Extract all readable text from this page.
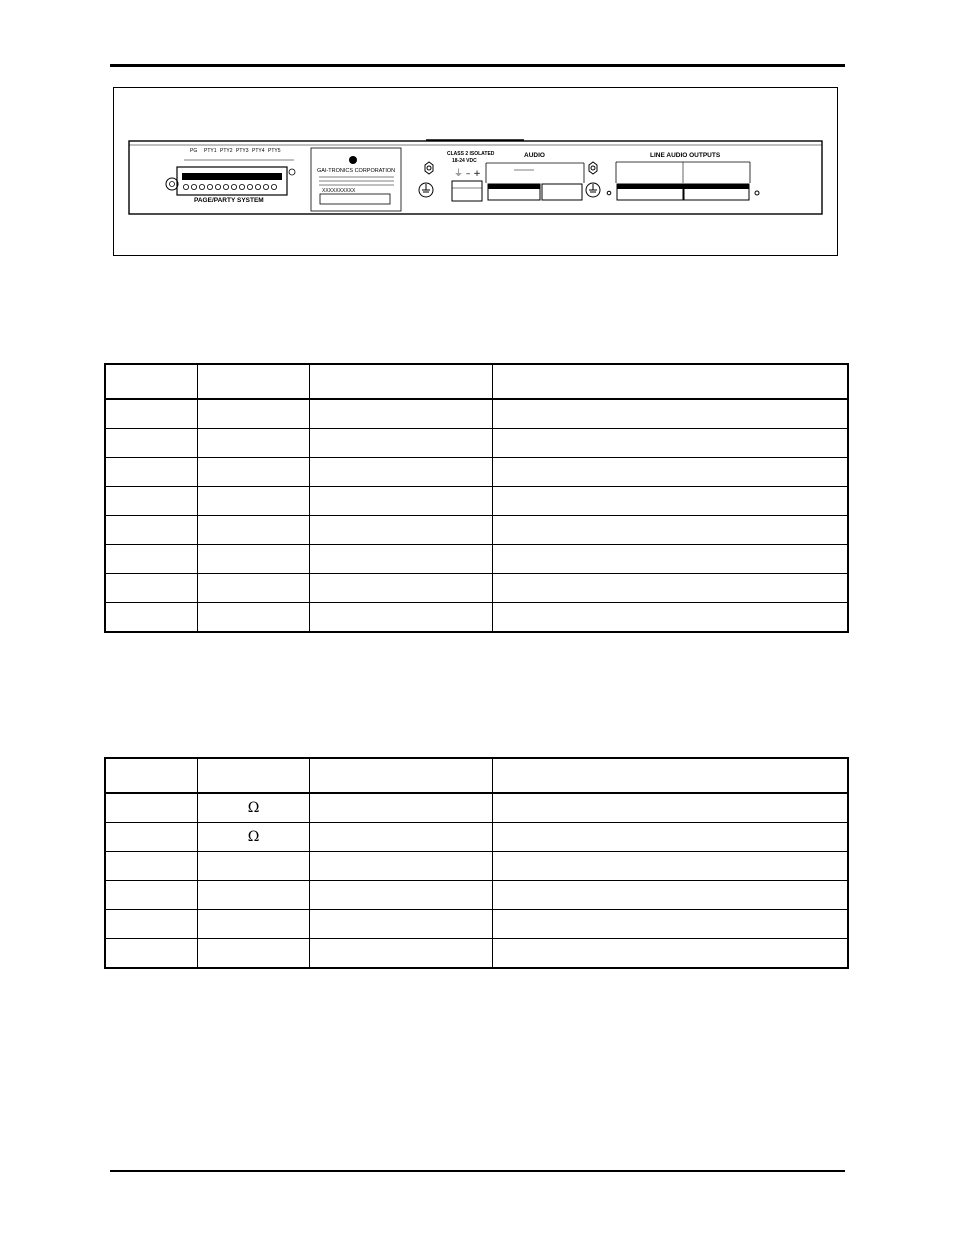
PG PTY1 PTY2 PTY3 PTY4 PTY5
PAGE/PARTY SYSTEM
GAI-TRONICS CORPORATION
XXXXXXXXXX
CLASS 2 ISOLATED
18-24 VDC
⏚ – +
AUDIO	LINE AUDIO OUTPUTS

	Ω		
	Ω		
